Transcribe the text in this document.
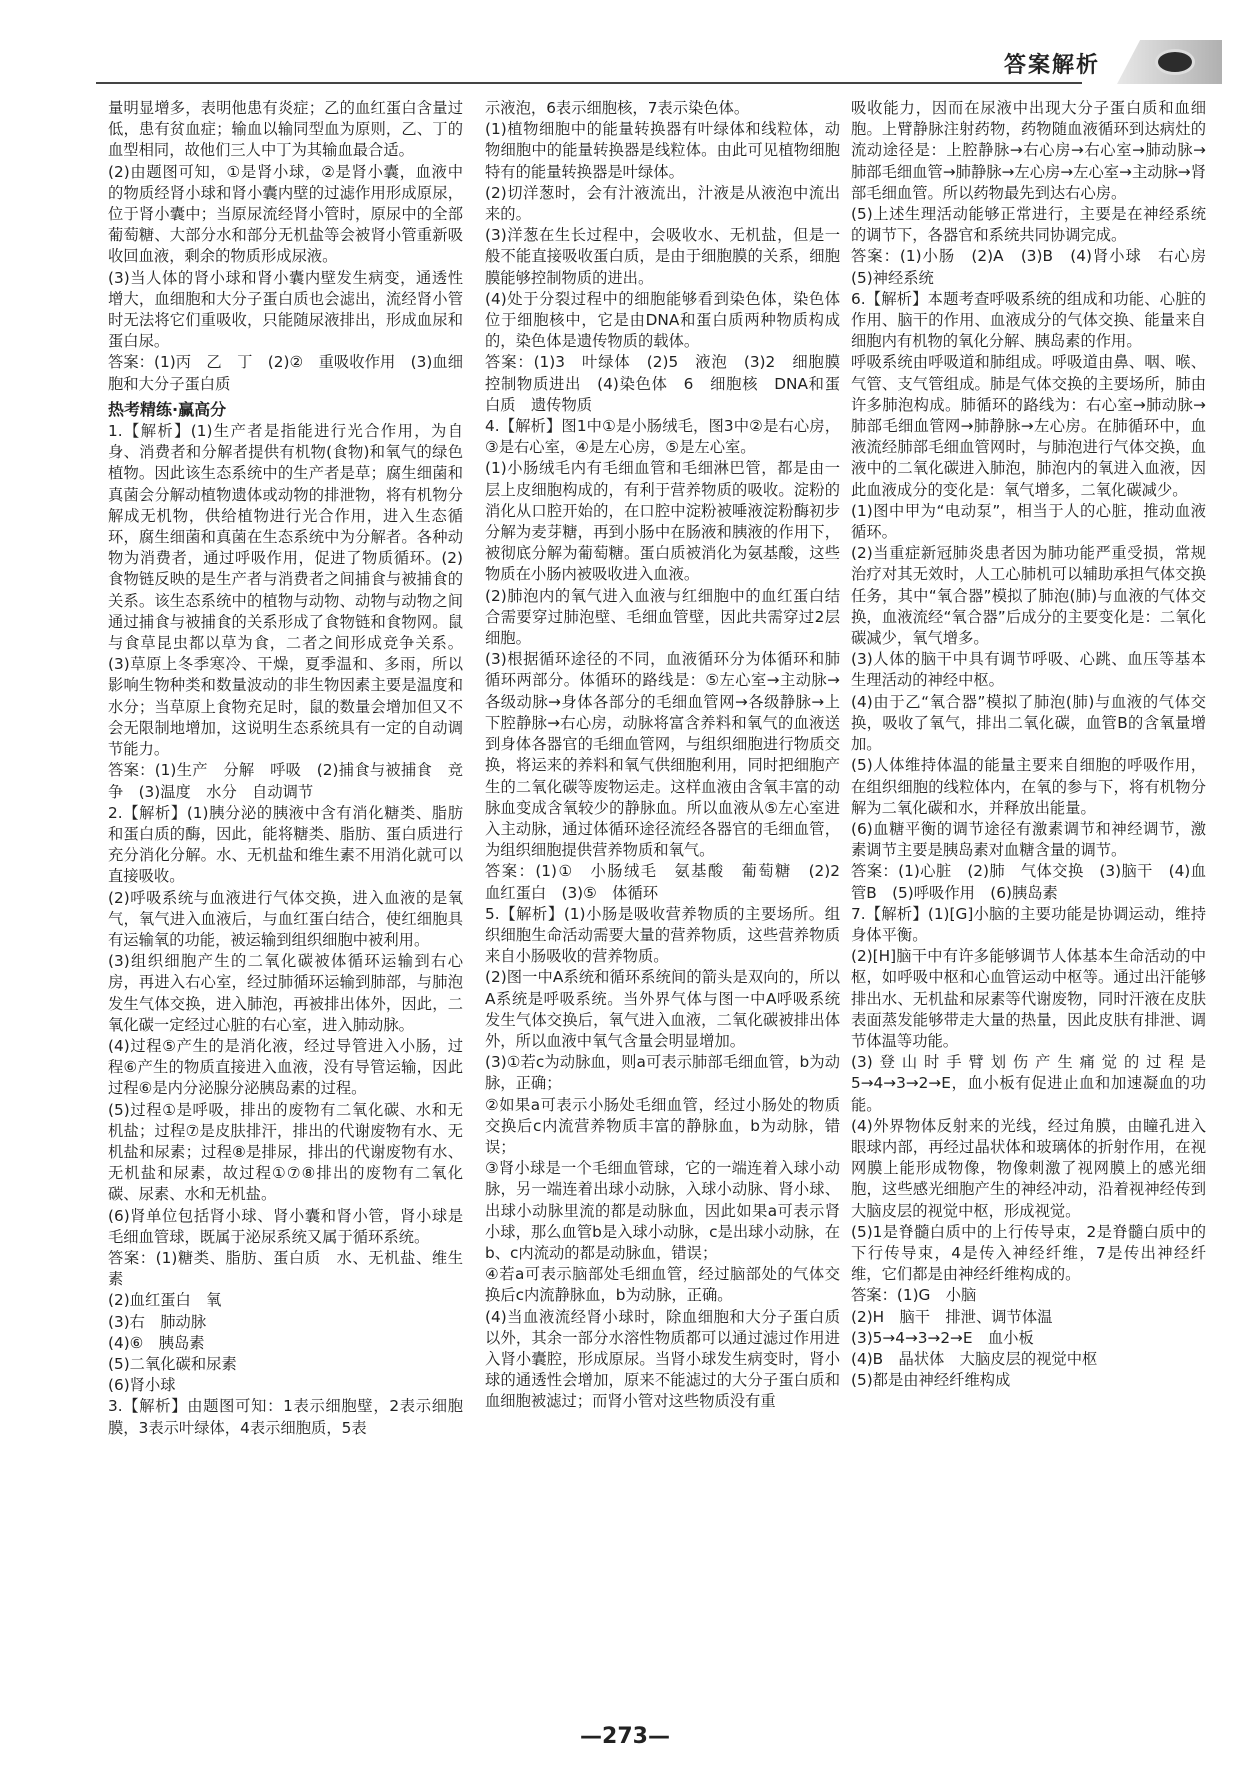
答案解析

量明显增多，表明他患有炎症；乙的血红蛋白含量过低，患有贫血症；输血以输同型血为原则，乙、丁的血型相同，故他们三人中丁为其输血最合适。

(2)由题图可知，①是肾小球，②是肾小囊，血液中的物质经肾小球和肾小囊内壁的过滤作用形成原尿，位于肾小囊中；当原尿流经肾小管时，原尿中的全部葡萄糖、大部分水和部分无机盐等会被肾小管重新吸收回血液，剩余的物质形成尿液。

(3)当人体的肾小球和肾小囊内壁发生病变，通透性增大，血细胞和大分子蛋白质也会滤出，流经肾小管时无法将它们重吸收，只能随尿液排出，形成血尿和蛋白尿。

答案：(1)丙　乙　丁　(2)②　重吸收作用　(3)血细胞和大分子蛋白质

热考精练·赢高分

1.【解析】(1)生产者是指能进行光合作用，为自身、消费者和分解者提供有机物(食物)和氧气的绿色植物。因此该生态系统中的生产者是草；腐生细菌和真菌会分解动植物遗体或动物的排泄物，将有机物分解成无机物，供给植物进行光合作用，进入生态循环，腐生细菌和真菌在生态系统中为分解者。各种动物为消费者，通过呼吸作用，促进了物质循环。(2)食物链反映的是生产者与消费者之间捕食与被捕食的关系。该生态系统中的植物与动物、动物与动物之间通过捕食与被捕食的关系形成了食物链和食物网。鼠与食草昆虫都以草为食，二者之间形成竞争关系。(3)草原上冬季寒冷、干燥，夏季温和、多雨，所以影响生物种类和数量波动的非生物因素主要是温度和水分；当草原上食物充足时，鼠的数量会增加但又不会无限制地增加，这说明生态系统具有一定的自动调节能力。

答案：(1)生产　分解　呼吸　(2)捕食与被捕食　竞争　(3)温度　水分　自动调节

2.【解析】(1)胰分泌的胰液中含有消化糖类、脂肪和蛋白质的酶，因此，能将糖类、脂肪、蛋白质进行充分消化分解。水、无机盐和维生素不用消化就可以直接吸收。

(2)呼吸系统与血液进行气体交换，进入血液的是氧气，氧气进入血液后，与血红蛋白结合，使红细胞具有运输氧的功能，被运输到组织细胞中被利用。

(3)组织细胞产生的二氧化碳被体循环运输到右心房，再进入右心室，经过肺循环运输到肺部，与肺泡发生气体交换，进入肺泡，再被排出体外，因此，二氧化碳一定经过心脏的右心室，进入肺动脉。

(4)过程⑤产生的是消化液，经过导管进入小肠，过程⑥产生的物质直接进入血液，没有导管运输，因此过程⑥是内分泌腺分泌胰岛素的过程。

(5)过程①是呼吸，排出的废物有二氧化碳、水和无机盐；过程⑦是皮肤排汗，排出的代谢废物有水、无机盐和尿素；过程⑧是排尿，排出的代谢废物有水、无机盐和尿素，故过程①⑦⑧排出的废物有二氧化碳、尿素、水和无机盐。

(6)肾单位包括肾小球、肾小囊和肾小管，肾小球是毛细血管球，既属于泌尿系统又属于循环系统。

答案：(1)糖类、脂肪、蛋白质　水、无机盐、维生素

(2)血红蛋白　氧

(3)右　肺动脉

(4)⑥　胰岛素

(5)二氧化碳和尿素

(6)肾小球

3.【解析】由题图可知：1表示细胞壁，2表示细胞膜，3表示叶绿体，4表示细胞质，5表

示液泡，6表示细胞核，7表示染色体。

(1)植物细胞中的能量转换器有叶绿体和线粒体，动物细胞中的能量转换器是线粒体。由此可见植物细胞特有的能量转换器是叶绿体。

(2)切洋葱时，会有汁液流出，汁液是从液泡中流出来的。

(3)洋葱在生长过程中，会吸收水、无机盐，但是一般不能直接吸收蛋白质，是由于细胞膜的关系，细胞膜能够控制物质的进出。

(4)处于分裂过程中的细胞能够看到染色体，染色体位于细胞核中，它是由DNA和蛋白质两种物质构成的，染色体是遗传物质的载体。

答案：(1)3　叶绿体　(2)5　液泡　(3)2　细胞膜　控制物质进出　(4)染色体　6　细胞核　DNA和蛋白质　遗传物质

4.【解析】图1中①是小肠绒毛，图3中②是右心房，③是右心室，④是左心房，⑤是左心室。

(1)小肠绒毛内有毛细血管和毛细淋巴管，都是由一层上皮细胞构成的，有利于营养物质的吸收。淀粉的消化从口腔开始的，在口腔中淀粉被唾液淀粉酶初步分解为麦芽糖，再到小肠中在肠液和胰液的作用下，被彻底分解为葡萄糖。蛋白质被消化为氨基酸，这些物质在小肠内被吸收进入血液。

(2)肺泡内的氧气进入血液与红细胞中的血红蛋白结合需要穿过肺泡壁、毛细血管壁，因此共需穿过2层细胞。

(3)根据循环途径的不同，血液循环分为体循环和肺循环两部分。体循环的路线是：⑤左心室→主动脉→各级动脉→身体各部分的毛细血管网→各级静脉→上下腔静脉→右心房，动脉将富含养料和氧气的血液送到身体各器官的毛细血管网，与组织细胞进行物质交换，将运来的养料和氧气供细胞利用，同时把细胞产生的二氧化碳等废物运走。这样血液由含氧丰富的动脉血变成含氧较少的静脉血。所以血液从⑤左心室进入主动脉，通过体循环途径流经各器官的毛细血管，为组织细胞提供营养物质和氧气。

答案：(1)①　小肠绒毛　氨基酸　葡萄糖　(2)2　血红蛋白　(3)⑤　体循环

5.【解析】(1)小肠是吸收营养物质的主要场所。组织细胞生命活动需要大量的营养物质，这些营养物质来自小肠吸收的营养物质。

(2)图一中A系统和循环系统间的箭头是双向的，所以A系统是呼吸系统。当外界气体与图一中A呼吸系统发生气体交换后，氧气进入血液，二氧化碳被排出体外，所以血液中氧气含量会明显增加。

(3)①若c为动脉血，则a可表示肺部毛细血管，b为动脉，正确；

②如果a可表示小肠处毛细血管，经过小肠处的物质交换后c内流营养物质丰富的静脉血，b为动脉，错误；

③肾小球是一个毛细血管球，它的一端连着入球小动脉，另一端连着出球小动脉，入球小动脉、肾小球、出球小动脉里流的都是动脉血，因此如果a可表示肾小球，那么血管b是入球小动脉，c是出球小动脉，在b、c内流动的都是动脉血，错误；

④若a可表示脑部处毛细血管，经过脑部处的气体交换后c内流静脉血，b为动脉，正确。

(4)当血液流经肾小球时，除血细胞和大分子蛋白质以外，其余一部分水溶性物质都可以通过滤过作用进入肾小囊腔，形成原尿。当肾小球发生病变时，肾小球的通透性会增加，原来不能滤过的大分子蛋白质和血细胞被滤过；而肾小管对这些物质没有重

吸收能力，因而在尿液中出现大分子蛋白质和血细胞。上臂静脉注射药物，药物随血液循环到达病灶的流动途径是：上腔静脉→右心房→右心室→肺动脉→肺部毛细血管→肺静脉→左心房→左心室→主动脉→肾部毛细血管。所以药物最先到达右心房。

(5)上述生理活动能够正常进行，主要是在神经系统的调节下，各器官和系统共同协调完成。

答案：(1)小肠　(2)A　(3)B　(4)肾小球　右心房　(5)神经系统

6.【解析】本题考查呼吸系统的组成和功能、心脏的作用、脑干的作用、血液成分的气体交换、能量来自细胞内有机物的氧化分解、胰岛素的作用。

呼吸系统由呼吸道和肺组成。呼吸道由鼻、咽、喉、气管、支气管组成。肺是气体交换的主要场所，肺由许多肺泡构成。肺循环的路线为：右心室→肺动脉→肺部毛细血管网→肺静脉→左心房。在肺循环中，血液流经肺部毛细血管网时，与肺泡进行气体交换，血液中的二氧化碳进入肺泡，肺泡内的氧进入血液，因此血液成分的变化是：氧气增多，二氧化碳减少。

(1)图中甲为“电动泵”，相当于人的心脏，推动血液循环。

(2)当重症新冠肺炎患者因为肺功能严重受损，常规治疗对其无效时，人工心肺机可以辅助承担气体交换任务，其中“氧合器”模拟了肺泡(肺)与血液的气体交换，血液流经“氧合器”后成分的主要变化是：二氧化碳减少，氧气增多。

(3)人体的脑干中具有调节呼吸、心跳、血压等基本生理活动的神经中枢。

(4)由于乙“氧合器”模拟了肺泡(肺)与血液的气体交换，吸收了氧气，排出二氧化碳，血管B的含氧量增加。

(5)人体维持体温的能量主要来自细胞的呼吸作用，在组织细胞的线粒体内，在氧的参与下，将有机物分解为二氧化碳和水，并释放出能量。

(6)血糖平衡的调节途径有激素调节和神经调节，激素调节主要是胰岛素对血糖含量的调节。

答案：(1)心脏　(2)肺　气体交换　(3)脑干　(4)血管B　(5)呼吸作用　(6)胰岛素

7.【解析】(1)[G]小脑的主要功能是协调运动，维持身体平衡。

(2)[H]脑干中有许多能够调节人体基本生命活动的中枢，如呼吸中枢和心血管运动中枢等。通过出汗能够排出水、无机盐和尿素等代谢废物，同时汗液在皮肤表面蒸发能够带走大量的热量，因此皮肤有排泄、调节体温等功能。

(3)登山时手臂划伤产生痛觉的过程是5→4→3→2→E，血小板有促进止血和加速凝血的功能。

(4)外界物体反射来的光线，经过角膜，由瞳孔进入眼球内部，再经过晶状体和玻璃体的折射作用，在视网膜上能形成物像，物像刺激了视网膜上的感光细胞，这些感光细胞产生的神经冲动，沿着视神经传到大脑皮层的视觉中枢，形成视觉。

(5)1是脊髓白质中的上行传导束，2是脊髓白质中的下行传导束，4是传入神经纤维，7是传出神经纤维，它们都是由神经纤维构成的。

答案：(1)G　小脑

(2)H　脑干　排泄、调节体温

(3)5→4→3→2→E　血小板

(4)B　晶状体　大脑皮层的视觉中枢

(5)都是由神经纤维构成

—273—
